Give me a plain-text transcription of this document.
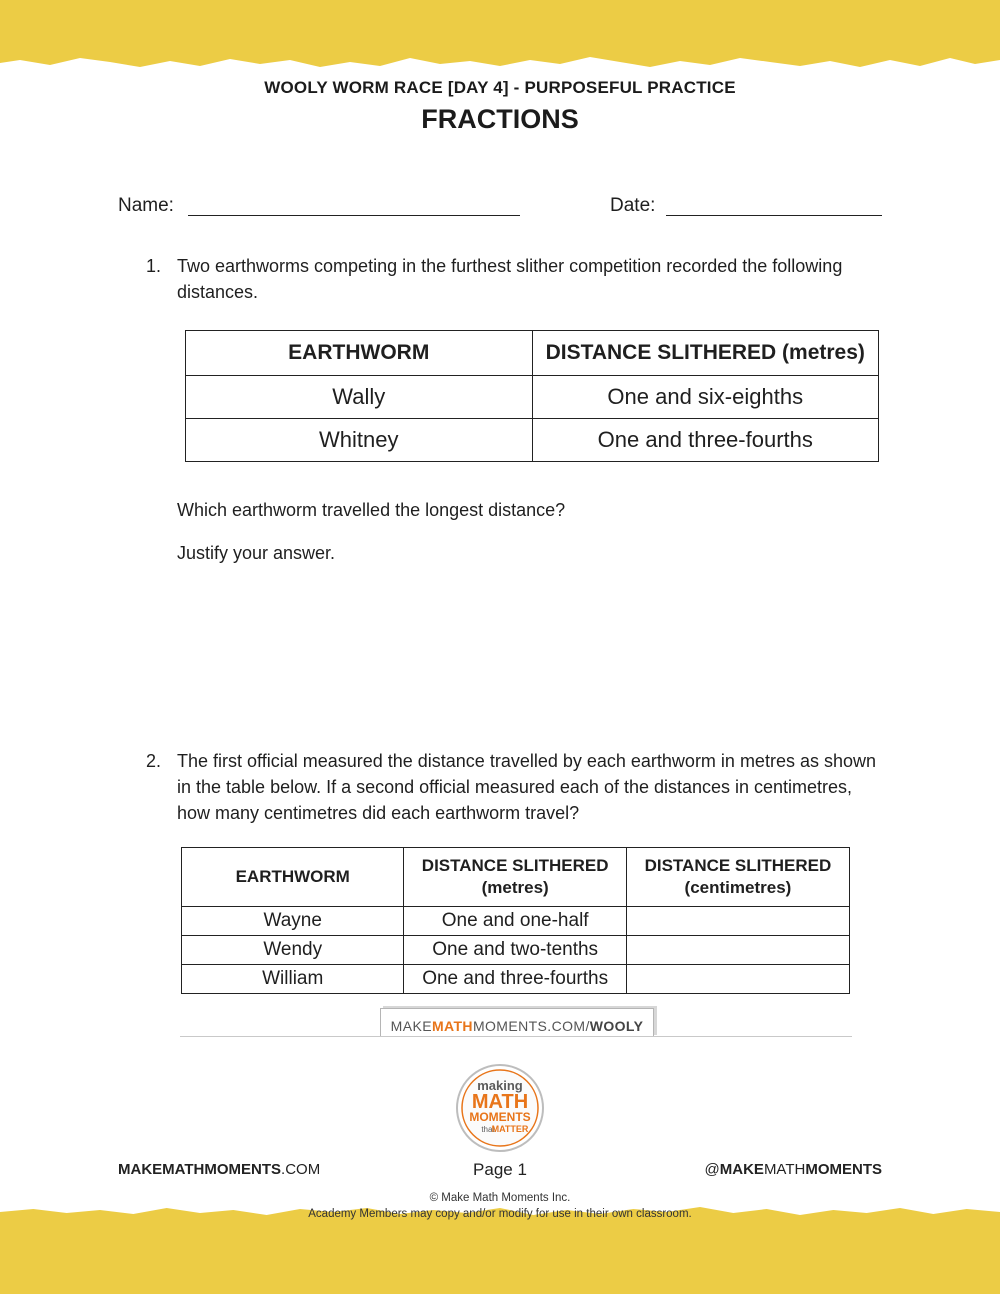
WOOLY WORM RACE [DAY 4] - PURPOSEFUL PRACTICE
FRACTIONS
Name:	Date:
1. Two earthworms competing in the furthest slither competition recorded the following distances.
EARTHWORM	DISTANCE SLITHERED (metres)
Wally	One and six-eighths
Whitney	One and three-fourths
Which earthworm travelled the longest distance?
Justify your answer.
2. The first official measured the distance travelled by each earthworm in metres as shown in the table below. If a second official measured each of the distances in centimetres, how many centimetres did each earthworm travel?
EARTHWORM	DISTANCE SLITHERED (metres)	DISTANCE SLITHERED (centimetres)
Wayne	One and one-half	
Wendy	One and two-tenths	
William	One and three-fourths	
MAKEMATHMOMENTS.COM/WOOLY
making
MATH
MOMENTS
that
MATTER
MAKEMATHMOMENTS.COM	Page 1	@MAKEMATHMOMENTS
© Make Math Moments Inc.
Academy Members may copy and/or modify for use in their own classroom.
